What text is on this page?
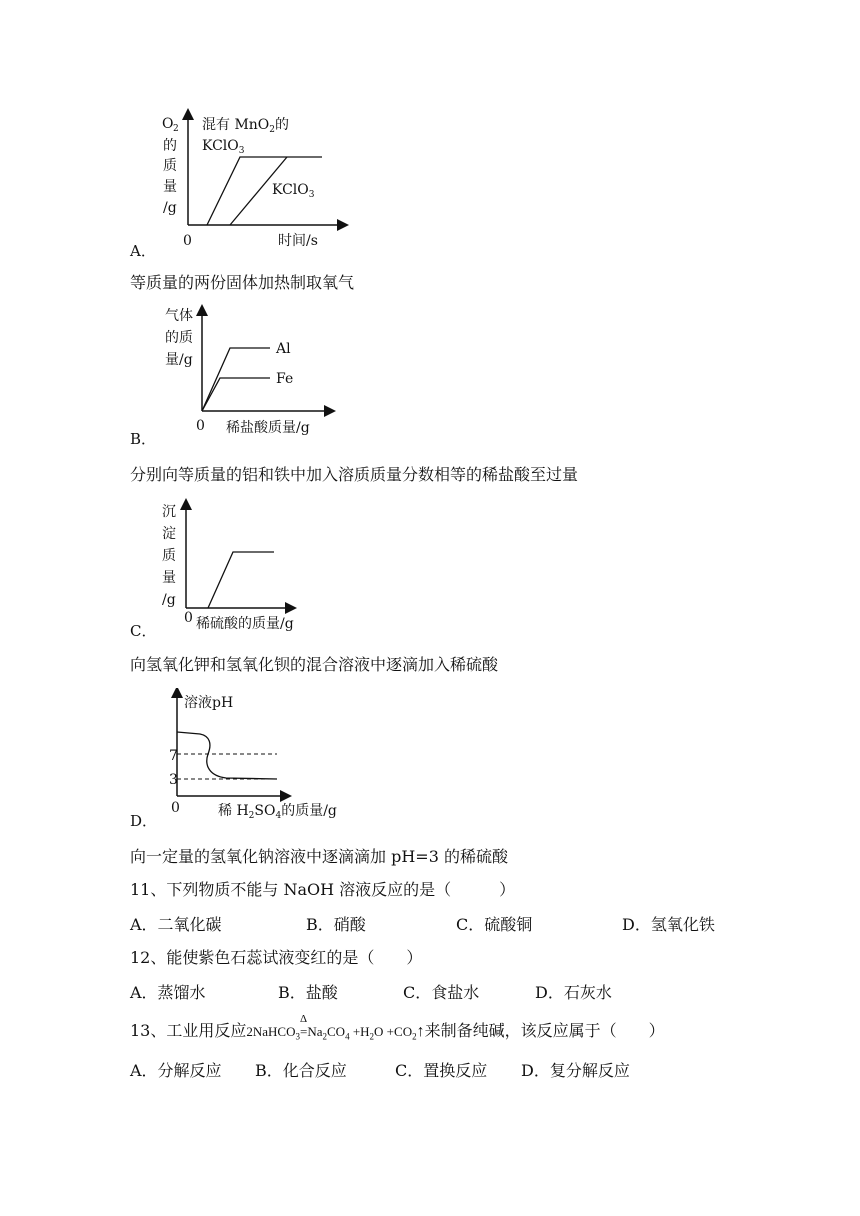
O 2
的
质
量
/g
0	时间/s
混有 MnO$_2$的
KClO$_3$
KClO$_3$
A．
等质量的两份固体加热制取氧气
气体
的质
量/g
0 稀盐酸质量/g
Al
Fe
B．
分别向等质量的铝和铁中加入溶质质量分数相等的稀盐酸至过量
沉
淀
质
量
/g
0 稀硫酸的质量/g
C．
向氢氧化钾和氢氧化钡的混合溶液中逐滴加入稀硫酸
溶液pH
7
3
0	稀 $H_2SO_4$的质量/g
D．
向一定量的氢氧化钠溶液中逐滴滴加 pH=3 的稀硫酸
11、下列物质不能与 NaOH 溶液反应的是（　　　）
A．二氧化碳	B．硝酸	C．硫酸铜	D．氢氧化铁
12、能使紫色石蕊试液变红的是（　　）
A．蒸馏水	B．盐酸	C．食盐水	D．石灰水
13、工业用反应2NaHCO$_3$
Δ
$=Na_2CO_4 +H_2O$ $+CO_2↑$来制备纯碱，该反应属于（　　）
A．分解反应 B．化合反应	C．置换反应 D．复分解反应
